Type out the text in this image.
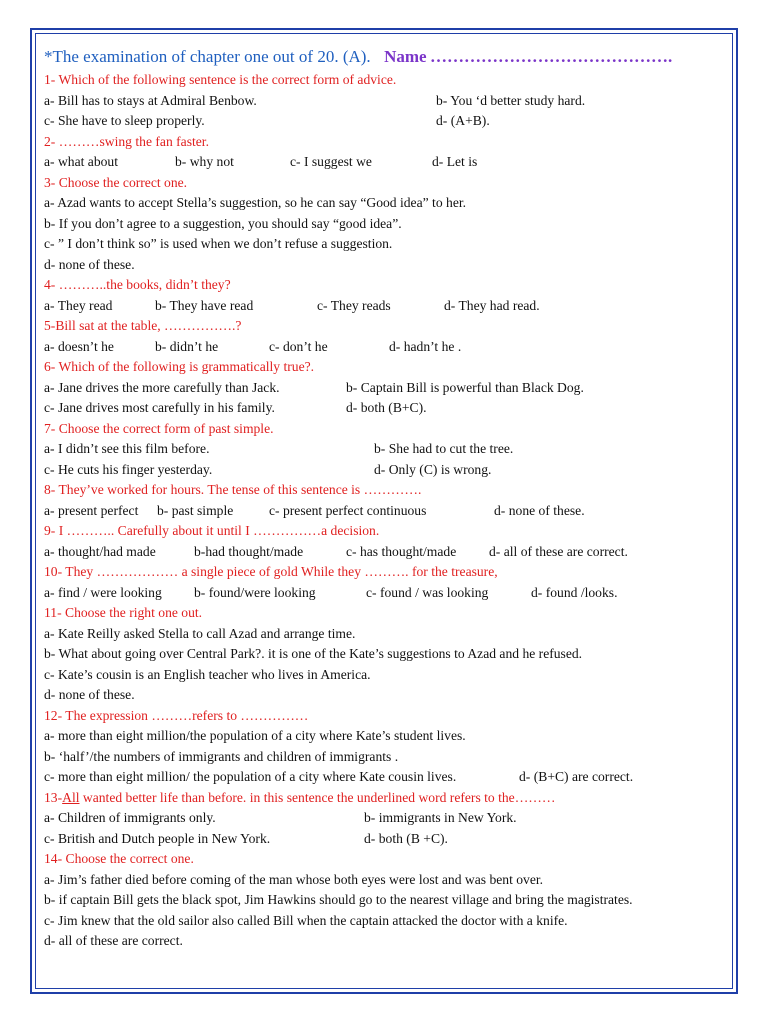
*The examination of chapter one out of 20. (A). Name …………………………………….
1- Which of the following sentence is the correct form of advice.
a- Bill has to stays at Admiral Benbow.	b- You ‘d better study hard.
c- She have to sleep properly.	d- (A+B).
2- ………swing the fan faster.
a- what about	b- why not	c- I suggest we	d- Let is
3- Choose the correct one.
a- Azad wants to accept Stella’s suggestion, so he can say “Good idea” to her.
b- If you don’t agree to a suggestion, you should say “good idea”.
c- ” I don’t think so” is used when we don’t refuse a suggestion.
d- none of these.
4- ………..the books, didn’t they?
a- They read	b- They have read	c- They reads	d- They had read.
5-Bill sat at the table, …………….?
a- doesn’t he	b- didn’t he	c- don’t he	d- hadn’t he .
6- Which of the following is grammatically true?.
a- Jane drives the more carefully than Jack.	b- Captain Bill is powerful than Black Dog.
c- Jane drives most carefully in his family.	d- both (B+C).
7- Choose the correct form of past simple.
a- I didn’t see this film before.	b- She had to cut the tree.
c- He cuts his finger yesterday.	d- Only (C) is wrong.
8- They’ve worked for hours. The tense of this sentence is ………….
a- present perfect b- past simple	c- present perfect continuous	d- none of these.
9- I ……….. Carefully about it until I ……………a decision.
a- thought/had made	b-had thought/made	c- has thought/made d- all of these are correct.
10- They ……………… a single piece of gold While they ………. for the treasure,
a- find / were looking b- found/were looking	c- found / was looking	d- found /looks.
11- Choose the right one out.
a- Kate Reilly asked Stella to call Azad and arrange time.
b- What about going over Central Park?. it is one of the Kate’s suggestions to Azad and he refused.
c- Kate’s cousin is an English teacher who lives in America.
d- none of these.
12- The expression ………refers to ……………
a- more than eight million/the population of a city where Kate’s student lives.
b- ‘half’/the numbers of immigrants and children of immigrants .
c- more than eight million/ the population of a city where Kate cousin lives.	d- (B+C) are correct.
13-All wanted better life than before. in this sentence the underlined word refers to the………
a- Children of immigrants only.	b- immigrants in New York.
c- British and Dutch people in New York.	d- both (B +C).
14- Choose the correct one.
a- Jim’s father died before coming of the man whose both eyes were lost and was bent over.
b- if captain Bill gets the black spot, Jim Hawkins should go to the nearest village and bring the magistrates.
c- Jim knew that the old sailor also called Bill when the captain attacked the doctor with a knife.
d- all of these are correct.
